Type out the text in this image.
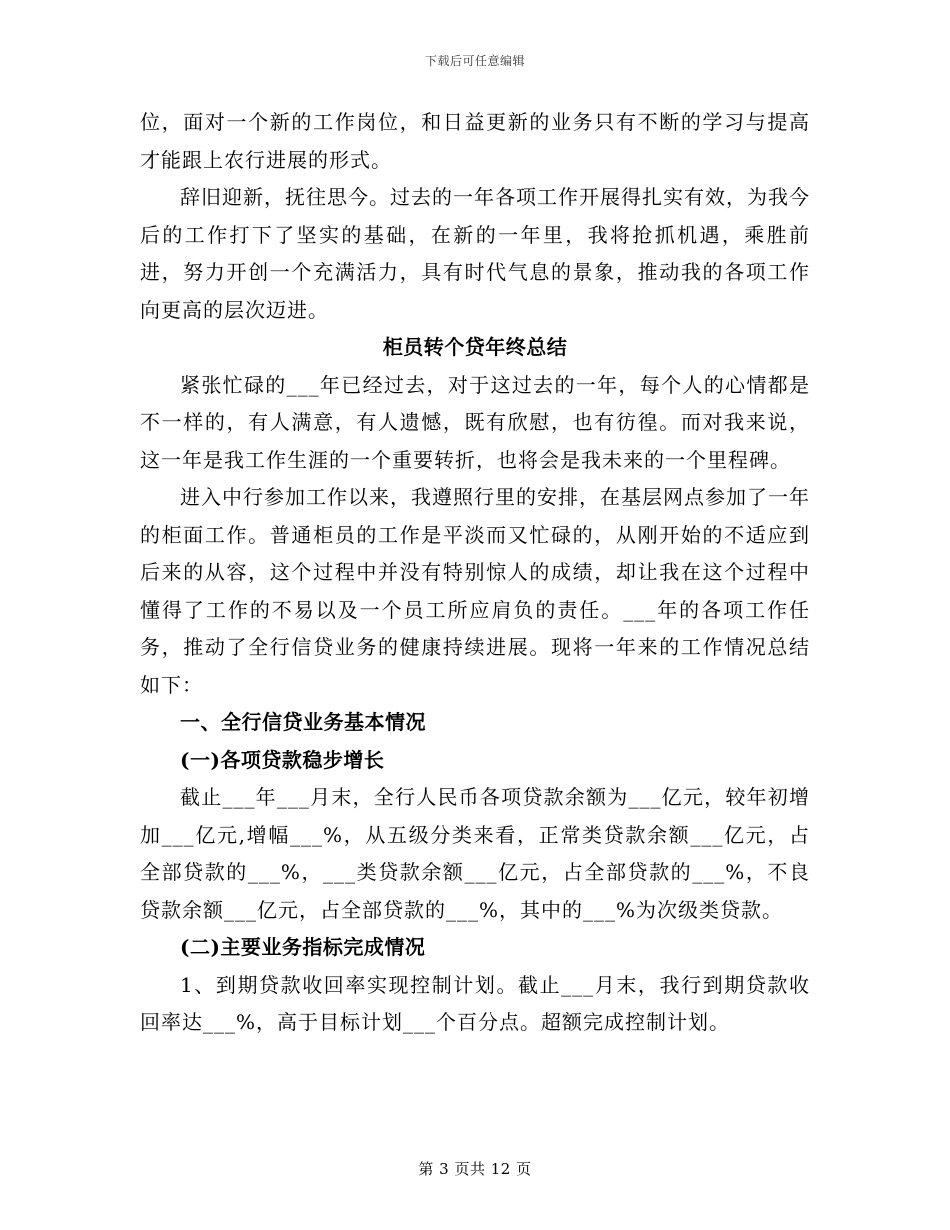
下载后可任意编辑

位，面对一个新的工作岗位，和日益更新的业务只有不断的学习与提高才能跟上农行进展的形式。

辞旧迎新，抚往思今。过去的一年各项工作开展得扎实有效，为我今后的工作打下了坚实的基础，在新的一年里，我将抢抓机遇，乘胜前进，努力开创一个充满活力，具有时代气息的景象，推动我的各项工作向更高的层次迈进。

柜员转个贷年终总结

紧张忙碌的___年已经过去，对于这过去的一年，每个人的心情都是不一样的，有人满意，有人遗憾，既有欣慰，也有彷徨。而对我来说，这一年是我工作生涯的一个重要转折，也将会是我未来的一个里程碑。

进入中行参加工作以来，我遵照行里的安排，在基层网点参加了一年的柜面工作。普通柜员的工作是平淡而又忙碌的，从刚开始的不适应到后来的从容，这个过程中并没有特别惊人的成绩，却让我在这个过程中懂得了工作的不易以及一个员工所应肩负的责任。___年的各项工作任务，推动了全行信贷业务的健康持续进展。现将一年来的工作情况总结如下：

一、全行信贷业务基本情况

(一)各项贷款稳步增长

截止___年___月末，全行人民币各项贷款余额为___亿元，较年初增加___亿元,增幅___%，从五级分类来看，正常类贷款余额___亿元，占全部贷款的___%，___类贷款余额___亿元，占全部贷款的___%，不良贷款余额___亿元，占全部贷款的___%，其中的___%为次级类贷款。

(二)主要业务指标完成情况

1、到期贷款收回率实现控制计划。截止___月末，我行到期贷款收回率达___%，高于目标计划___个百分点。超额完成控制计划。

第 3 页共 12 页
